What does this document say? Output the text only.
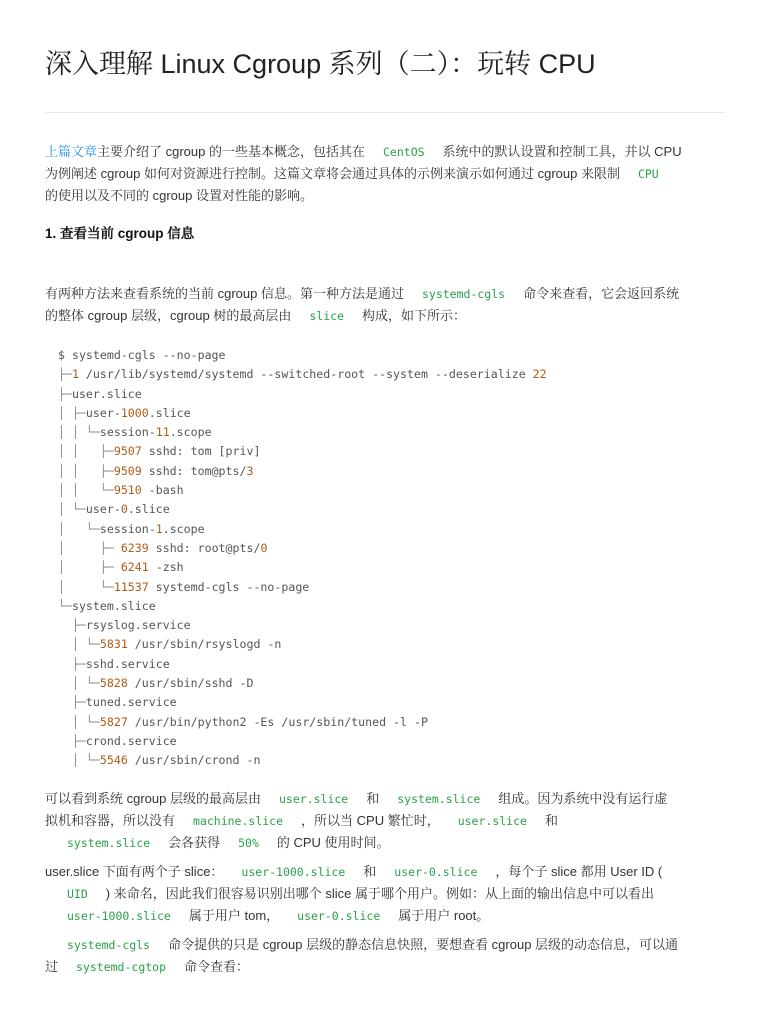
深入理解 Linux Cgroup 系列（二）：玩转 CPU
上篇文章主要介绍了 cgroup 的一些基本概念，包括其在 CentOS 系统中的默认设置和控制工具，并以 CPU
为例阐述 cgroup 如何对资源进行控制。这篇文章将会通过具体的示例来演示如何通过 cgroup 来限制 CPU
的使用以及不同的 cgroup 设置对性能的影响。
1. 查看当前 cgroup 信息
有两种方法来查看系统的当前 cgroup 信息。第一种方法是通过 systemd-cgls 命令来查看，它会返回系统
的整体 cgroup 层级，cgroup 树的最高层由 slice 构成，如下所示：
$ systemd-cgls --no-page
├─1 /usr/lib/systemd/systemd --switched-root --system --deserialize 22
├─user.slice
│ ├─user-1000.slice
│ │ └─session-11.scope
│ │   ├─9507 sshd: tom [priv]
│ │   ├─9509 sshd: tom@pts/3
│ │   └─9510 -bash
│ └─user-0.slice
│   └─session-1.scope
│     ├─ 6239 sshd: root@pts/0
│     ├─ 6241 -zsh
│     └─11537 systemd-cgls --no-page
└─system.slice
├─rsyslog.service
│ └─5831 /usr/sbin/rsyslogd -n
├─sshd.service
│ └─5828 /usr/sbin/sshd -D
├─tuned.service
│ └─5827 /usr/bin/python2 -Es /usr/sbin/tuned -l -P
├─crond.service
│ └─5546 /usr/sbin/crond -n
可以看到系统 cgroup 层级的最高层由 user.slice 和 system.slice 组成。因为系统中没有运行虚
拟机和容器，所以没有 machine.slice ，所以当 CPU 繁忙时， user.slice 和
system.slice 会各获得 50% 的 CPU 使用时间。
user.slice 下面有两个子 slice： user-1000.slice 和 user-0.slice ，每个子 slice 都用 User ID (
UID ) 来命名，因此我们很容易识别出哪个 slice 属于哪个用户。例如：从上面的输出信息中可以看出
user-1000.slice 属于用户 tom， user-0.slice 属于用户 root。
systemd-cgls 命令提供的只是 cgroup 层级的静态信息快照，要想查看 cgroup 层级的动态信息，可以通
过 systemd-cgtop 命令查看：
